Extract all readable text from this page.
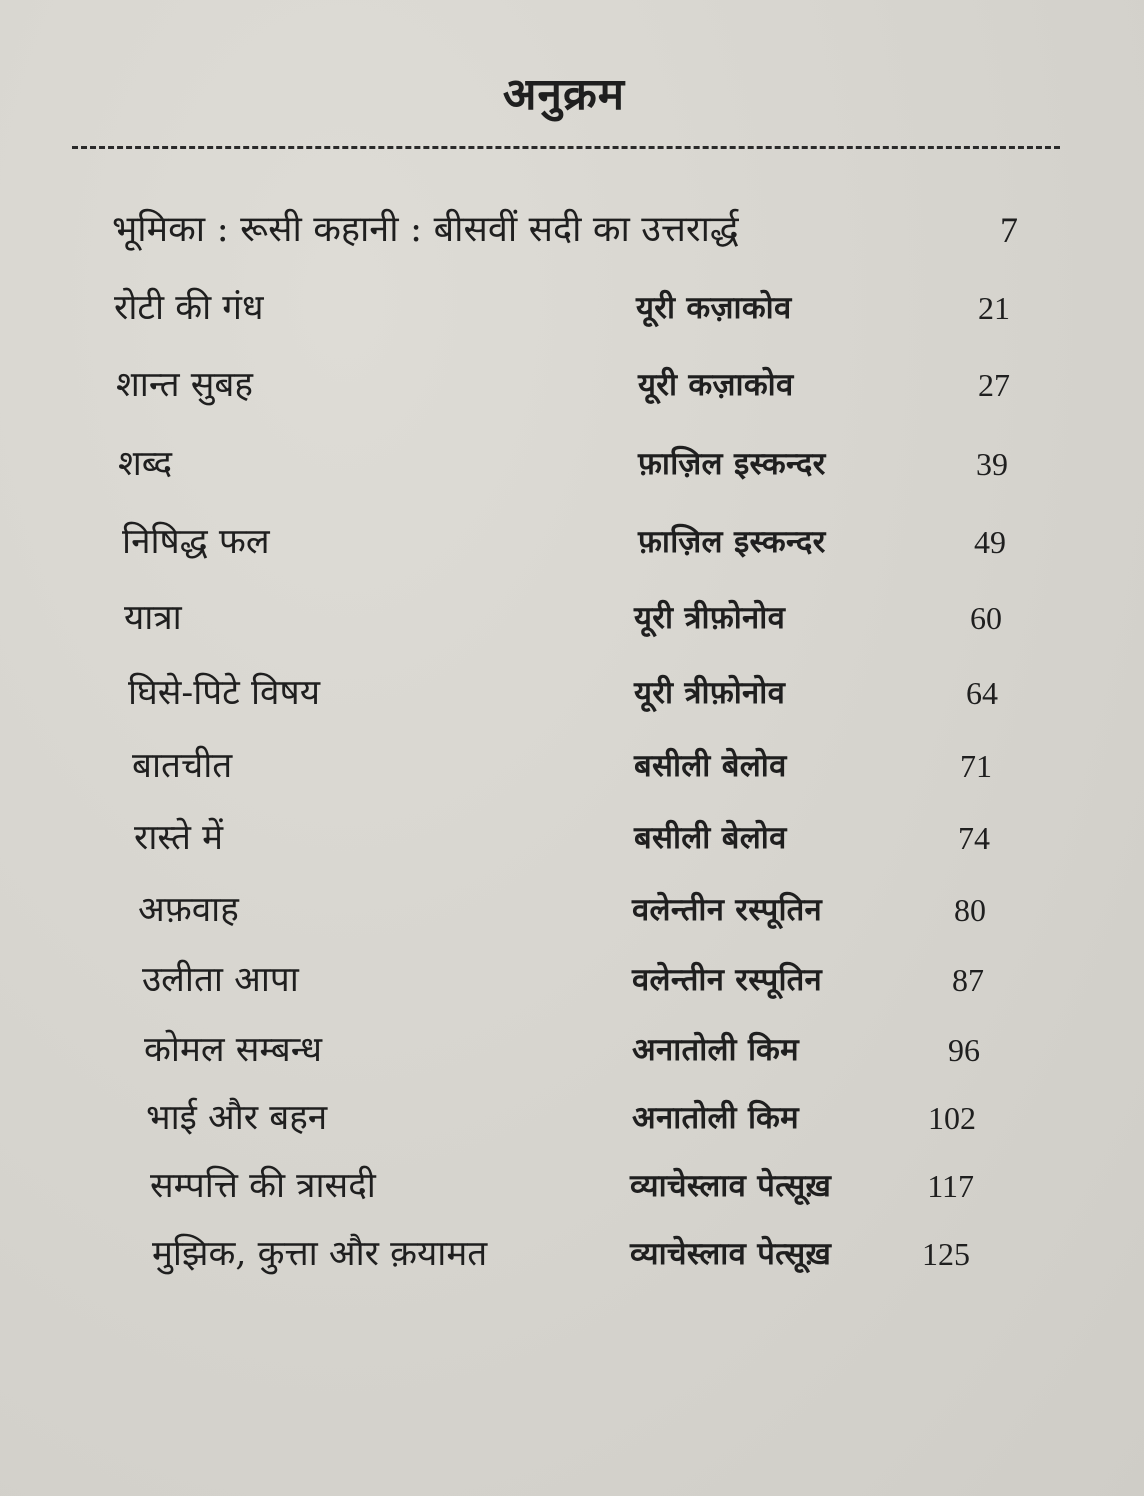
अनुक्रम
भूमिका : रूसी कहानी : बीसवीं सदी का उत्तरार्द्ध	7
रोटी की गंध	यूरी कज़ाकोव	21
शान्त सुबह	यूरी कज़ाकोव	27
शब्द	फ़ाज़िल इस्कन्दर	39
निषिद्ध फल	फ़ाज़िल इस्कन्दर	49
यात्रा	यूरी त्रीफ़ोनोव	60
घिसे-पिटे विषय	यूरी त्रीफ़ोनोव	64
बातचीत	बसीली बेलोव	71
रास्ते में	बसीली बेलोव	74
अफ़वाह	वलेन्तीन रस्पूतिन	80
उलीता आपा	वलेन्तीन रस्पूतिन	87
कोमल सम्बन्ध	अनातोली किम	96
भाई और बहन	अनातोली किम	102
सम्पत्ति की त्रासदी	व्याचेस्लाव पेत्सूख़	117
मुझिक, कुत्ता और क़यामत	व्याचेस्लाव पेत्सूख़	125
